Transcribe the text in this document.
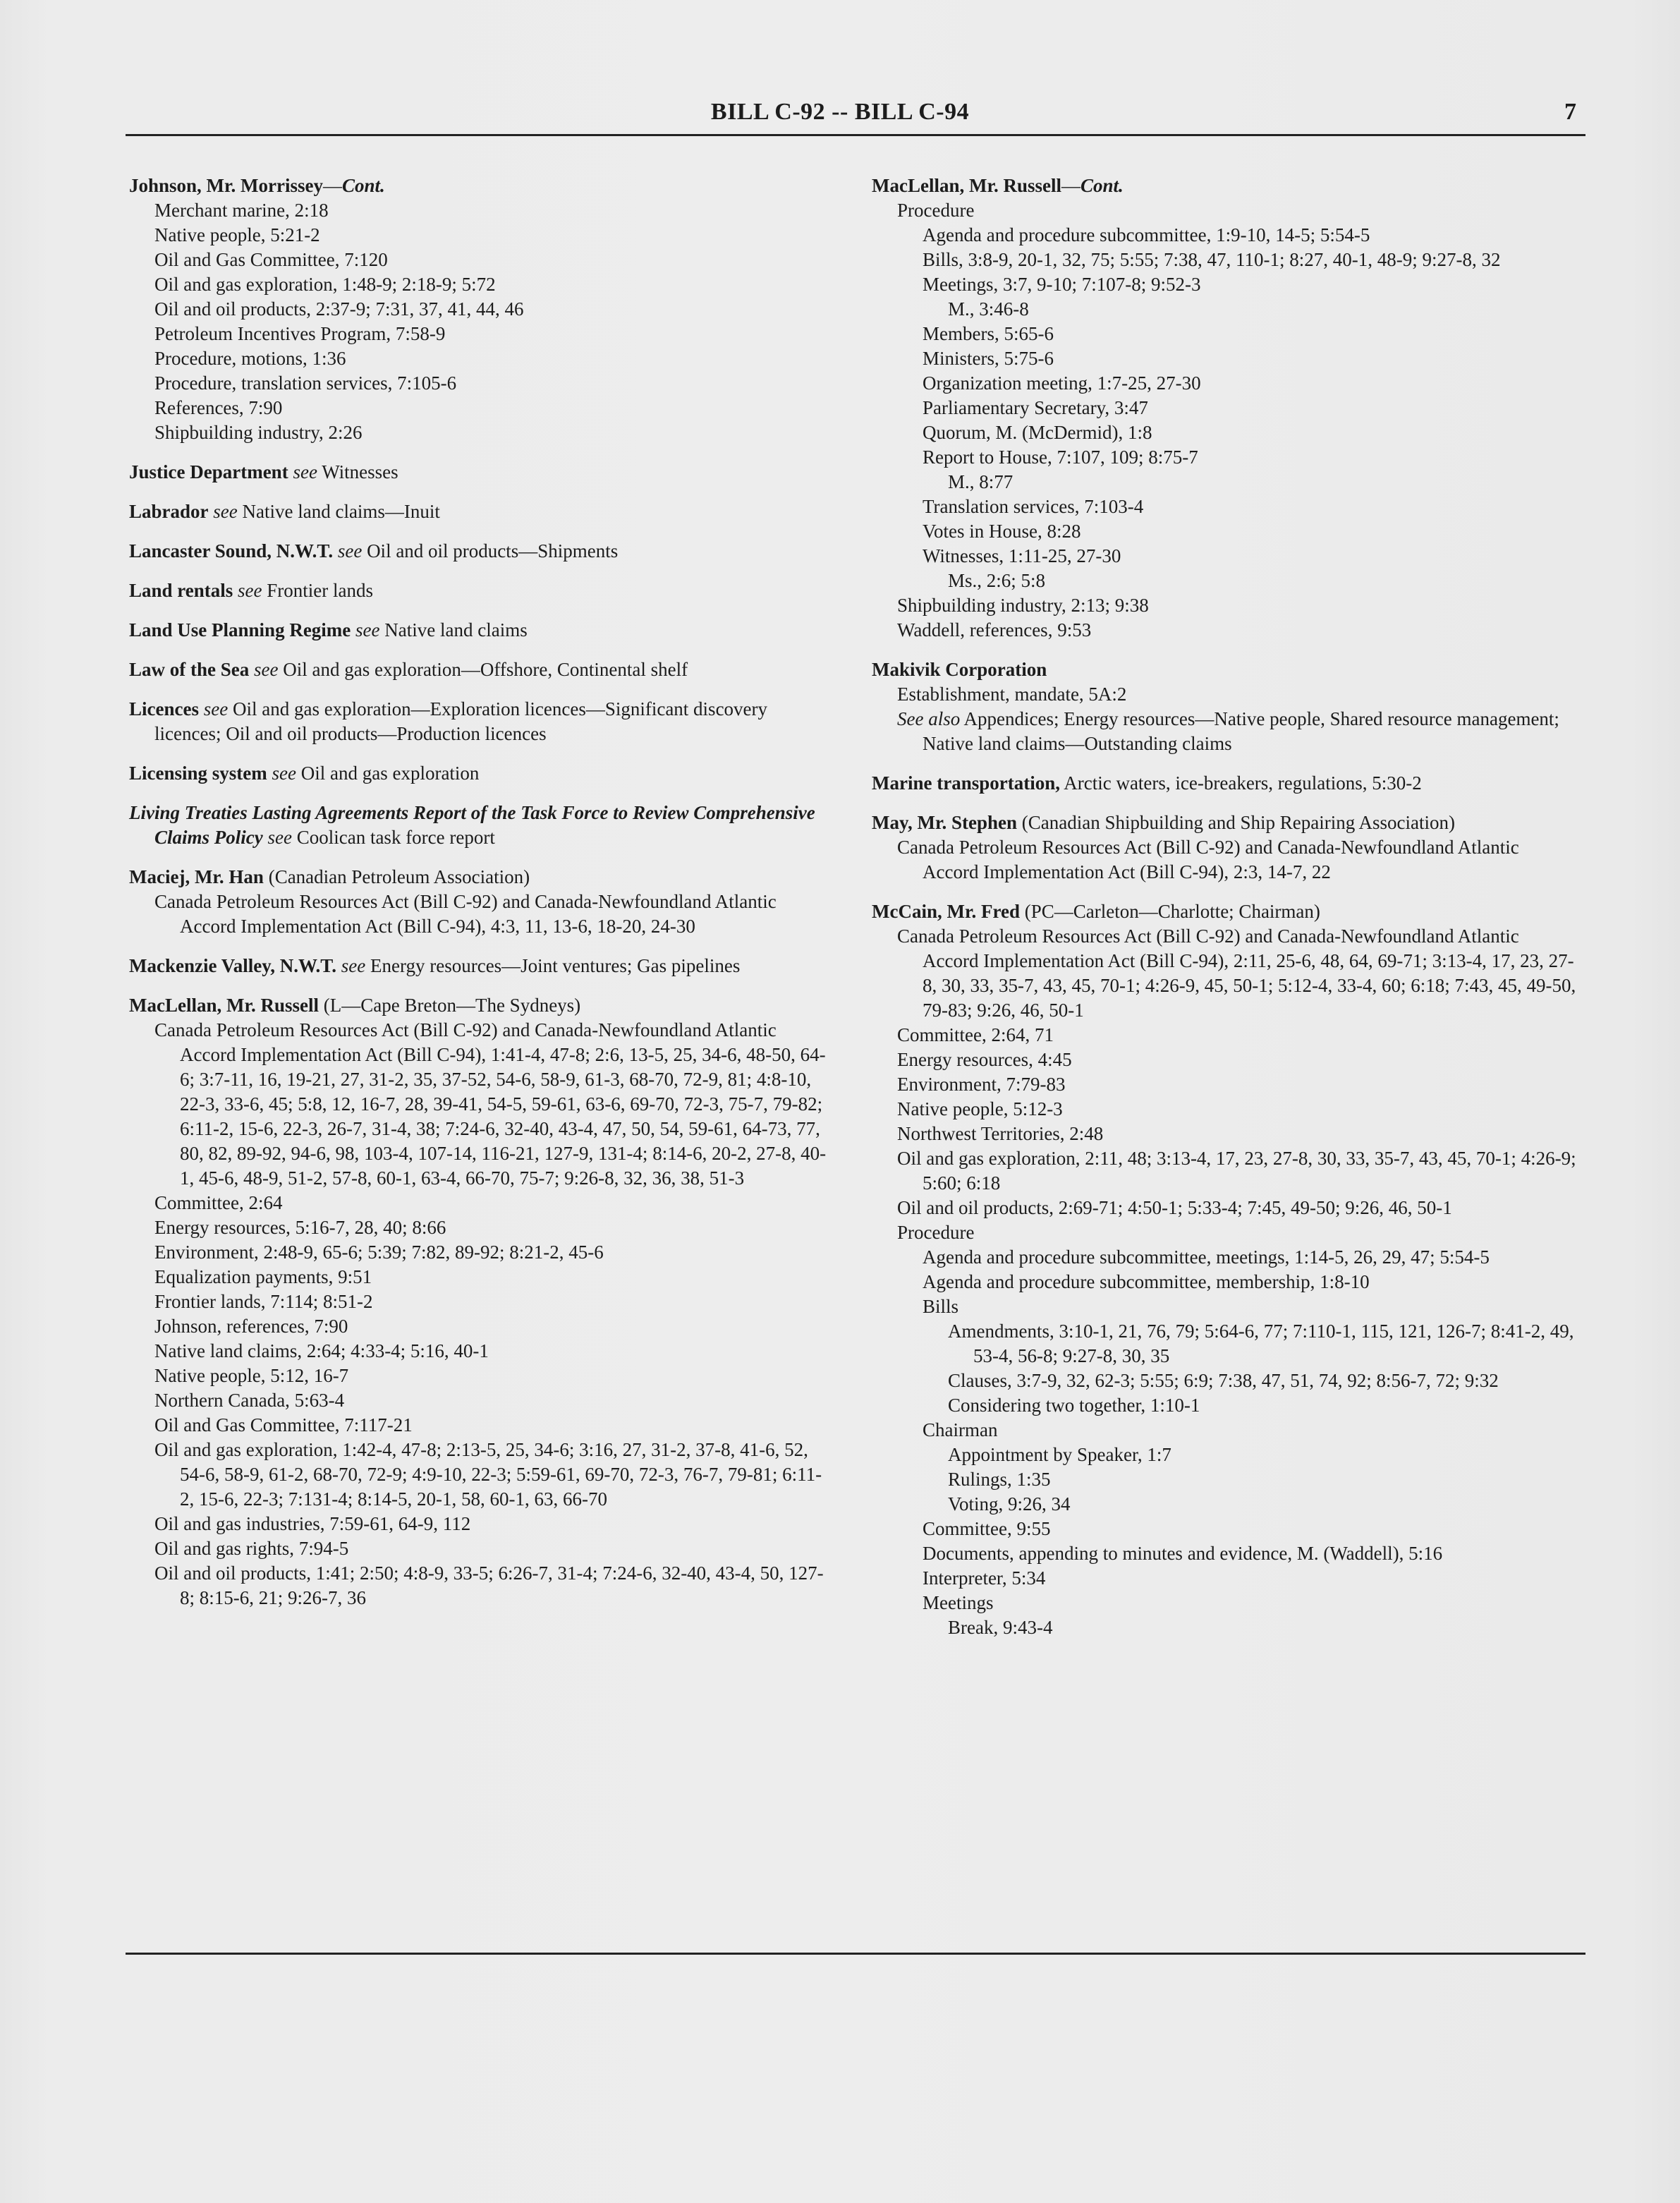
BILL C-92 -- BILL C-94	7
Johnson, Mr. Morrissey—Cont.
Merchant marine, 2:18
Native people, 5:21-2
Oil and Gas Committee, 7:120
Oil and gas exploration, 1:48-9; 2:18-9; 5:72
Oil and oil products, 2:37-9; 7:31, 37, 41, 44, 46
Petroleum Incentives Program, 7:58-9
Procedure, motions, 1:36
Procedure, translation services, 7:105-6
References, 7:90
Shipbuilding industry, 2:26
Justice Department see Witnesses
Labrador see Native land claims—Inuit
Lancaster Sound, N.W.T. see Oil and oil products—Shipments
Land rentals see Frontier lands
Land Use Planning Regime see Native land claims
Law of the Sea see Oil and gas exploration—Offshore, Continental shelf
Licences see Oil and gas exploration—Exploration licences—Significant discovery licences; Oil and oil products—Production licences
Licensing system see Oil and gas exploration
Living Treaties Lasting Agreements Report of the Task Force to Review Comprehensive Claims Policy see Coolican task force report
Maciej, Mr. Han (Canadian Petroleum Association)
Canada Petroleum Resources Act (Bill C-92) and Canada-Newfoundland Atlantic Accord Implementation Act (Bill C-94), 4:3, 11, 13-6, 18-20, 24-30
Mackenzie Valley, N.W.T. see Energy resources—Joint ventures; Gas pipelines
MacLellan, Mr. Russell (L—Cape Breton—The Sydneys)
Canada Petroleum Resources Act (Bill C-92) and Canada-Newfoundland Atlantic Accord Implementation Act (Bill C-94), 1:41-4, 47-8; 2:6, 13-5, 25, 34-6, 48-50, 64-6; 3:7-11, 16, 19-21, 27, 31-2, 35, 37-52, 54-6, 58-9, 61-3, 68-70, 72-9, 81; 4:8-10, 22-3, 33-6, 45; 5:8, 12, 16-7, 28, 39-41, 54-5, 59-61, 63-6, 69-70, 72-3, 75-7, 79-82; 6:11-2, 15-6, 22-3, 26-7, 31-4, 38; 7:24-6, 32-40, 43-4, 47, 50, 54, 59-61, 64-73, 77, 80, 82, 89-92, 94-6, 98, 103-4, 107-14, 116-21, 127-9, 131-4; 8:14-6, 20-2, 27-8, 40-1, 45-6, 48-9, 51-2, 57-8, 60-1, 63-4, 66-70, 75-7; 9:26-8, 32, 36, 38, 51-3
Committee, 2:64
Energy resources, 5:16-7, 28, 40; 8:66
Environment, 2:48-9, 65-6; 5:39; 7:82, 89-92; 8:21-2, 45-6
Equalization payments, 9:51
Frontier lands, 7:114; 8:51-2
Johnson, references, 7:90
Native land claims, 2:64; 4:33-4; 5:16, 40-1
Native people, 5:12, 16-7
Northern Canada, 5:63-4
Oil and Gas Committee, 7:117-21
Oil and gas exploration, 1:42-4, 47-8; 2:13-5, 25, 34-6; 3:16, 27, 31-2, 37-8, 41-6, 52, 54-6, 58-9, 61-2, 68-70, 72-9; 4:9-10, 22-3; 5:59-61, 69-70, 72-3, 76-7, 79-81; 6:11-2, 15-6, 22-3; 7:131-4; 8:14-5, 20-1, 58, 60-1, 63, 66-70
Oil and gas industries, 7:59-61, 64-9, 112
Oil and gas rights, 7:94-5
Oil and oil products, 1:41; 2:50; 4:8-9, 33-5; 6:26-7, 31-4; 7:24-6, 32-40, 43-4, 50, 127-8; 8:15-6, 21; 9:26-7, 36
MacLellan, Mr. Russell—Cont.
Procedure
Agenda and procedure subcommittee, 1:9-10, 14-5; 5:54-5
Bills, 3:8-9, 20-1, 32, 75; 5:55; 7:38, 47, 110-1; 8:27, 40-1, 48-9; 9:27-8, 32
Meetings, 3:7, 9-10; 7:107-8; 9:52-3
M., 3:46-8
Members, 5:65-6
Ministers, 5:75-6
Organization meeting, 1:7-25, 27-30
Parliamentary Secretary, 3:47
Quorum, M. (McDermid), 1:8
Report to House, 7:107, 109; 8:75-7
M., 8:77
Translation services, 7:103-4
Votes in House, 8:28
Witnesses, 1:11-25, 27-30
Ms., 2:6; 5:8
Shipbuilding industry, 2:13; 9:38
Waddell, references, 9:53
Makivik Corporation
Establishment, mandate, 5A:2
See also Appendices; Energy resources—Native people, Shared resource management; Native land claims—Outstanding claims
Marine transportation, Arctic waters, ice-breakers, regulations, 5:30-2
May, Mr. Stephen (Canadian Shipbuilding and Ship Repairing Association)
Canada Petroleum Resources Act (Bill C-92) and Canada-Newfoundland Atlantic Accord Implementation Act (Bill C-94), 2:3, 14-7, 22
McCain, Mr. Fred (PC—Carleton—Charlotte; Chairman)
Canada Petroleum Resources Act (Bill C-92) and Canada-Newfoundland Atlantic Accord Implementation Act (Bill C-94), 2:11, 25-6, 48, 64, 69-71; 3:13-4, 17, 23, 27-8, 30, 33, 35-7, 43, 45, 70-1; 4:26-9, 45, 50-1; 5:12-4, 33-4, 60; 6:18; 7:43, 45, 49-50, 79-83; 9:26, 46, 50-1
Committee, 2:64, 71
Energy resources, 4:45
Environment, 7:79-83
Native people, 5:12-3
Northwest Territories, 2:48
Oil and gas exploration, 2:11, 48; 3:13-4, 17, 23, 27-8, 30, 33, 35-7, 43, 45, 70-1; 4:26-9; 5:60; 6:18
Oil and oil products, 2:69-71; 4:50-1; 5:33-4; 7:45, 49-50; 9:26, 46, 50-1
Procedure
Agenda and procedure subcommittee, meetings, 1:14-5, 26, 29, 47; 5:54-5
Agenda and procedure subcommittee, membership, 1:8-10
Bills
Amendments, 3:10-1, 21, 76, 79; 5:64-6, 77; 7:110-1, 115, 121, 126-7; 8:41-2, 49, 53-4, 56-8; 9:27-8, 30, 35
Clauses, 3:7-9, 32, 62-3; 5:55; 6:9; 7:38, 47, 51, 74, 92; 8:56-7, 72; 9:32
Considering two together, 1:10-1
Chairman
Appointment by Speaker, 1:7
Rulings, 1:35
Voting, 9:26, 34
Committee, 9:55
Documents, appending to minutes and evidence, M. (Waddell), 5:16
Interpreter, 5:34
Meetings
Break, 9:43-4
